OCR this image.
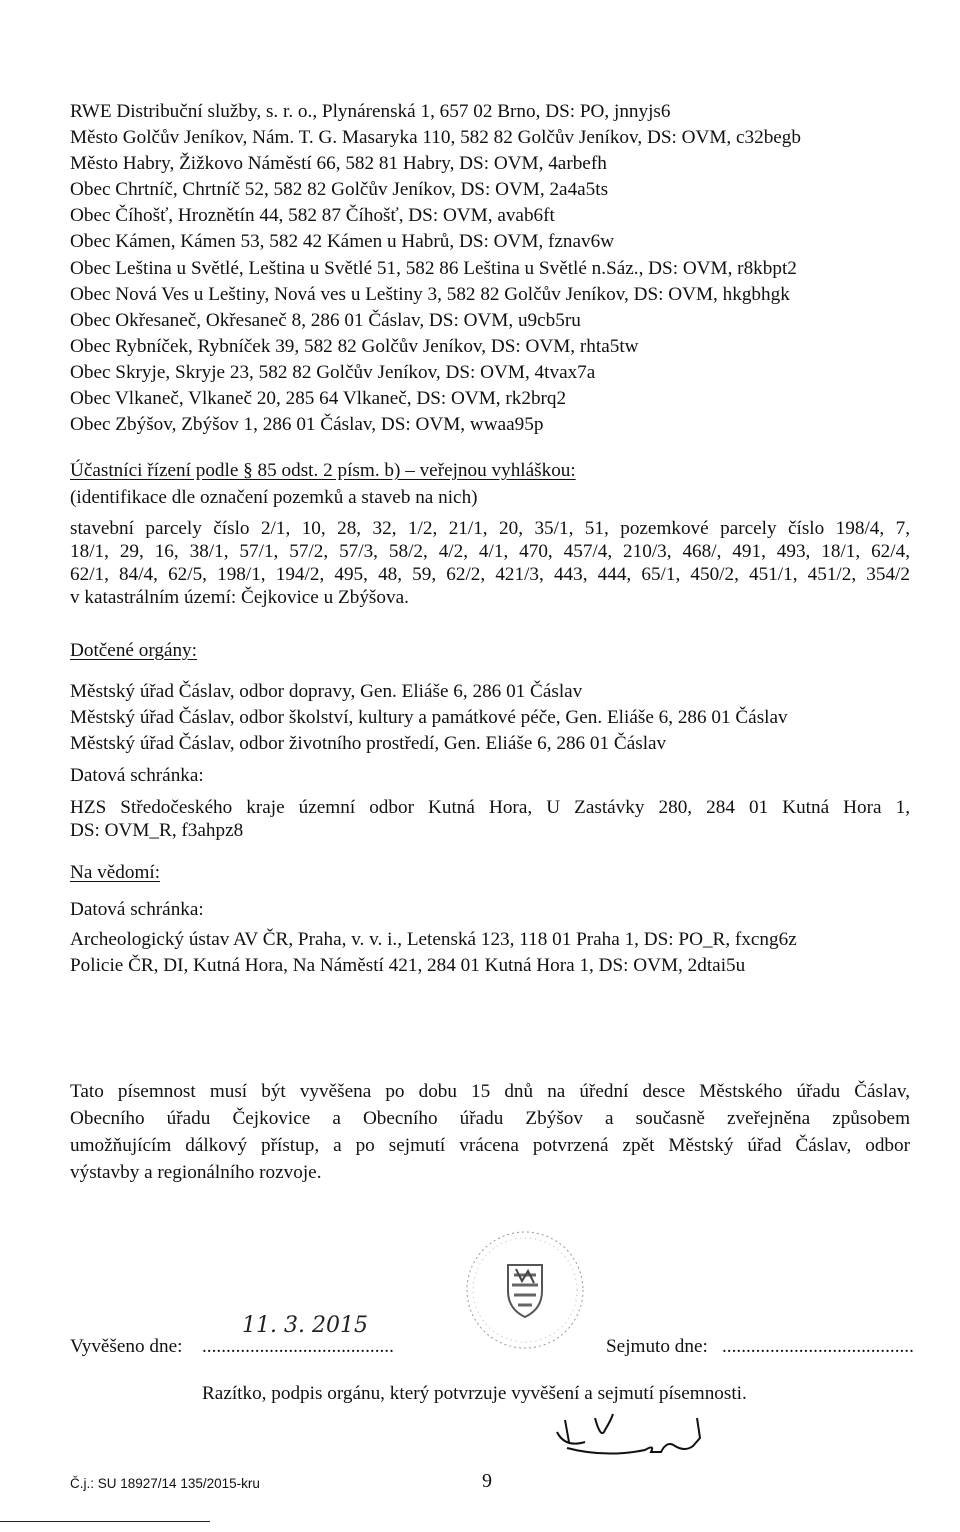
RWE Distribuční služby, s. r. o., Plynárenská 1, 657 02 Brno, DS: PO, jnnyjs6
Město Golčův Jeníkov, Nám. T. G. Masaryka 110, 582 82 Golčův Jeníkov, DS: OVM, c32begb
Město Habry, Žižkovo Náměstí 66, 582 81 Habry, DS: OVM, 4arbefh
Obec Chrtníč, Chrtníč 52, 582 82 Golčův Jeníkov, DS: OVM, 2a4a5ts
Obec Číhošť, Hroznětín 44, 582 87 Číhošť, DS: OVM, avab6ft
Obec Kámen, Kámen 53, 582 42 Kámen u Habrů, DS: OVM, fznav6w
Obec Leština u Světlé, Leština u Světlé 51, 582 86 Leština u Světlé n.Sáz., DS: OVM, r8kbpt2
Obec Nová Ves u Leštiny, Nová ves u Leštiny 3, 582 82 Golčův Jeníkov, DS: OVM, hkgbhgk
Obec Okřesaneč, Okřesaneč 8, 286 01 Čáslav, DS: OVM, u9cb5ru
Obec Rybníček, Rybníček 39, 582 82 Golčův Jeníkov, DS: OVM, rhta5tw
Obec Skryje, Skryje 23, 582 82 Golčův Jeníkov, DS: OVM, 4tvax7a
Obec Vlkaneč, Vlkaneč 20, 285 64 Vlkaneč, DS: OVM, rk2brq2
Obec Zbýšov, Zbýšov 1, 286 01 Čáslav, DS: OVM, wwaa95p
Účastníci řízení podle § 85 odst. 2 písm. b) – veřejnou vyhláškou:
(identifikace dle označení pozemků a staveb na nich)
stavební parcely číslo 2/1, 10, 28, 32, 1/2, 21/1, 20, 35/1, 51, pozemkové parcely číslo 198/4, 7,
18/1, 29, 16, 38/1, 57/1, 57/2, 57/3, 58/2, 4/2, 4/1, 470, 457/4, 210/3, 468/, 491, 493, 18/1, 62/4,
62/1, 84/4, 62/5, 198/1, 194/2, 495, 48, 59, 62/2, 421/3, 443, 444, 65/1, 450/2, 451/1, 451/2, 354/2
v katastrálním území: Čejkovice u Zbýšova.
Dotčené orgány:
Městský úřad Čáslav, odbor dopravy, Gen. Eliáše 6, 286 01 Čáslav
Městský úřad Čáslav, odbor školství, kultury a památkové péče, Gen. Eliáše 6, 286 01 Čáslav
Městský úřad Čáslav, odbor životního prostředí, Gen. Eliáše 6, 286 01 Čáslav
Datová schránka:
HZS Středočeského kraje územní odbor Kutná Hora, U Zastávky 280, 284 01 Kutná Hora 1,
DS: OVM_R, f3ahpz8
Na vědomí:
Datová schránka:
Archeologický ústav AV ČR, Praha, v. v. i., Letenská 123, 118 01 Praha 1, DS: PO_R, fxcng6z
Policie ČR, DI, Kutná Hora, Na Náměstí 421, 284 01 Kutná Hora 1, DS: OVM, 2dtai5u
Tato písemnost musí být vyvěšena po dobu 15 dnů na úřední desce Městského úřadu Čáslav,
Obecního úřadu Čejkovice a Obecního úřadu Zbýšov a současně zveřejněna způsobem
umožňujícím dálkový přístup, a po sejmutí vrácena potvrzená zpět Městský úřad Čáslav, odbor
výstavby a regionálního rozvoje.
Vyvěšeno dne: ........................................
11. 3. 2015
Sejmuto dne: ........................................
Razítko, podpis orgánu, který potvrzuje vyvěšení a sejmutí písemnosti.
Č.j.: SU 18927/14 135/2015-kru	9
